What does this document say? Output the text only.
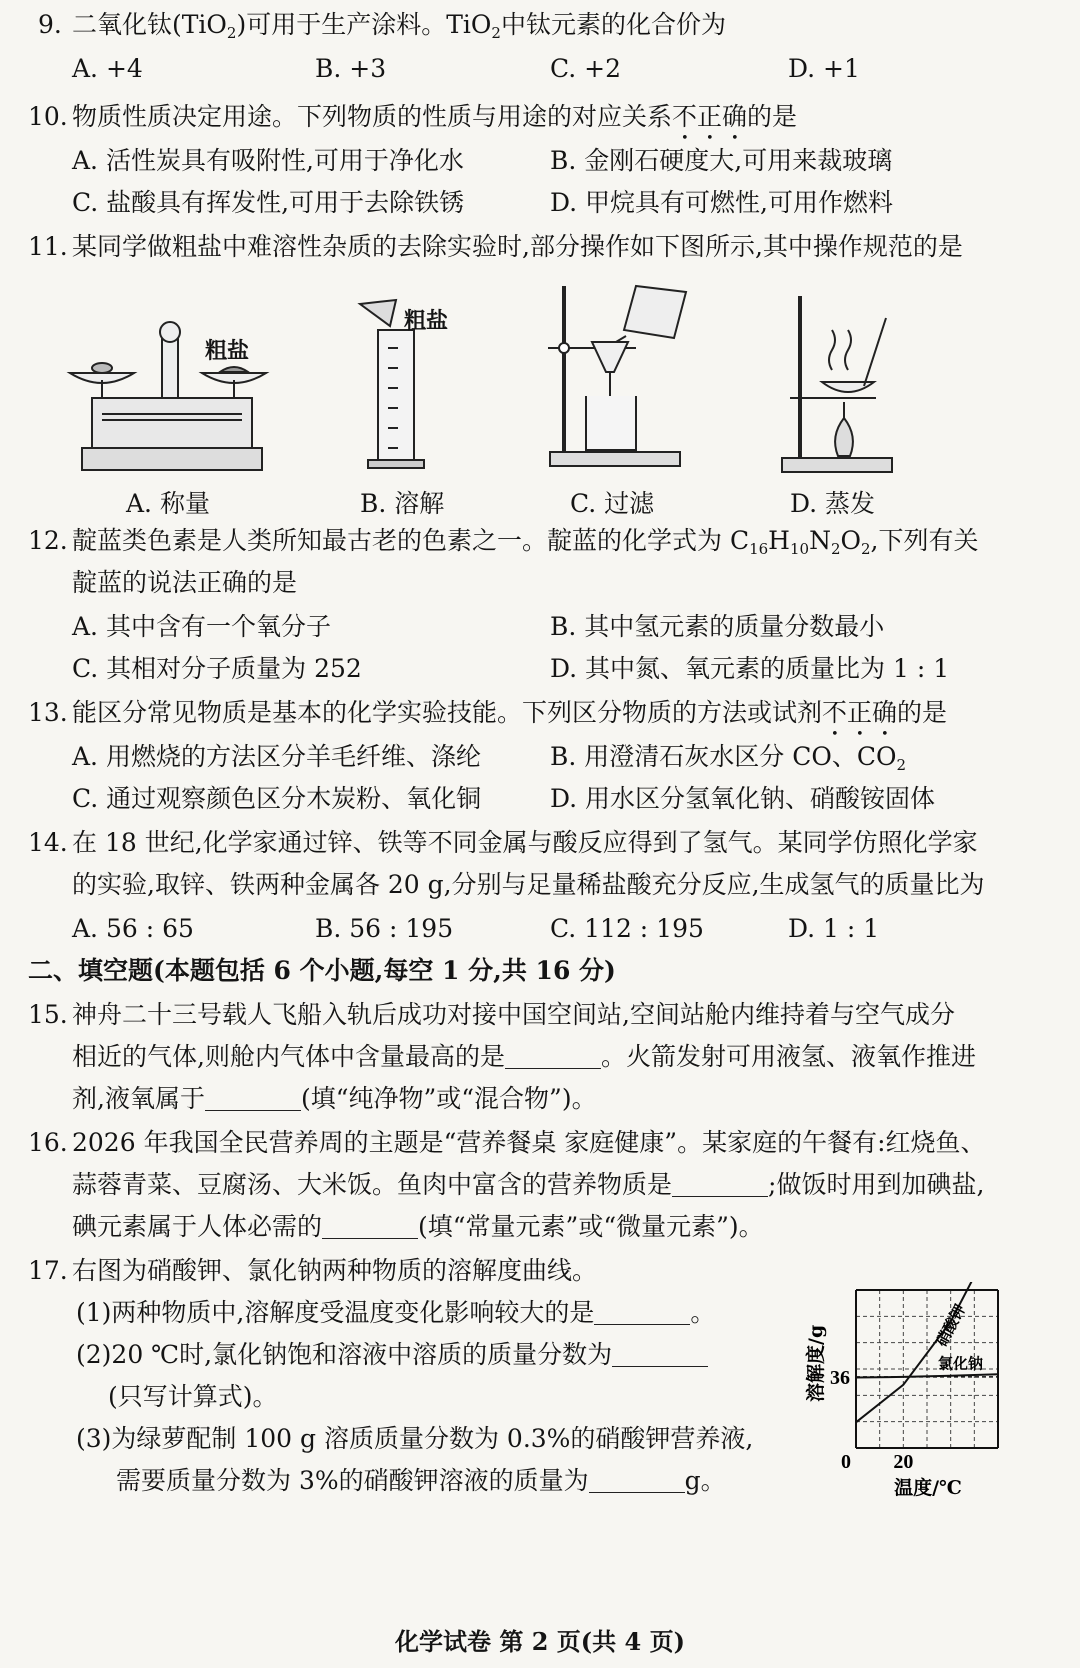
9. 二氧化钛(TiO$_2$)可用于生产涂料。TiO$_2$中钛元素的化合价为
A. +4	B. +3	C. +2	D. +1
10. 物质性质决定用途。下列物质的性质与用途的对应关系不正确的是
A. 活性炭具有吸附性,可用于净化水	B. 金刚石硬度大,可用来裁玻璃
C. 盐酸具有挥发性,可用于去除铁锈	D. 甲烷具有可燃性,可用作燃料
11. 某同学做粗盐中难溶性杂质的去除实验时,部分操作如下图所示,其中操作规范的是
粗盐
粗盐
A. 称量	B. 溶解	C. 过滤	D. 蒸发
12. 靛蓝类色素是人类所知最古老的色素之一。靛蓝的化学式为 $C_{16}H_{10}N_2O_2$,下列有关
靛蓝的说法正确的是
A. 其中含有一个氧分子	B. 其中氢元素的质量分数最小
C. 其相对分子质量为 252	D. 其中氮、氧元素的质量比为 1 : 1
13. 能区分常见物质是基本的化学实验技能。下列区分物质的方法或试剂不正确的是
A. 用燃烧的方法区分羊毛纤维、涤纶	B. 用澄清石灰水区分 CO、$CO_2$
C. 通过观察颜色区分木炭粉、氧化铜	D. 用水区分氢氧化钠、硝酸铵固体
14. 在 18 世纪,化学家通过锌、铁等不同金属与酸反应得到了氢气。某同学仿照化学家
的实验,取锌、铁两种金属各 20 g,分别与足量稀盐酸充分反应,生成氢气的质量比为
A. 56 : 65	B. 56 : 195	C. 112 : 195	D. 1 : 1
二、填空题(本题包括 6 个小题,每空 1 分,共 16 分)
15. 神舟二十三号载人飞船入轨后成功对接中国空间站,空间站舱内维持着与空气成分
相近的气体,则舱内气体中含量最高的是	。火箭发射可用液氢、液氧作推进
剂,液氧属于	(填“纯净物”或“混合物”)。
16. 2026 年我国全民营养周的主题是“营养餐桌 家庭健康”。某家庭的午餐有:红烧鱼、
蒜蓉青菜、豆腐汤、大米饭。鱼肉中富含的营养物质是	;做饭时用到加碘盐,
碘元素属于人体必需的	(填“常量元素”或“微量元素”)。
17. 右图为硝酸钾、氯化钠两种物质的溶解度曲线。
(1)两种物质中,溶解度受温度变化影响较大的是	。
(2)20 ℃时,氯化钠饱和溶液中溶质的质量分数为
(只写计算式)。
(3)为绿萝配制 100 g 溶质质量分数为 0.3%的硝酸钾营养液,
需要质量分数为 3%的硝酸钾溶液的质量为	g。
36
0 20
温度/℃
溶解度/g	硝酸钾
氯化钠
化学试卷 第 2 页(共 4 页)
